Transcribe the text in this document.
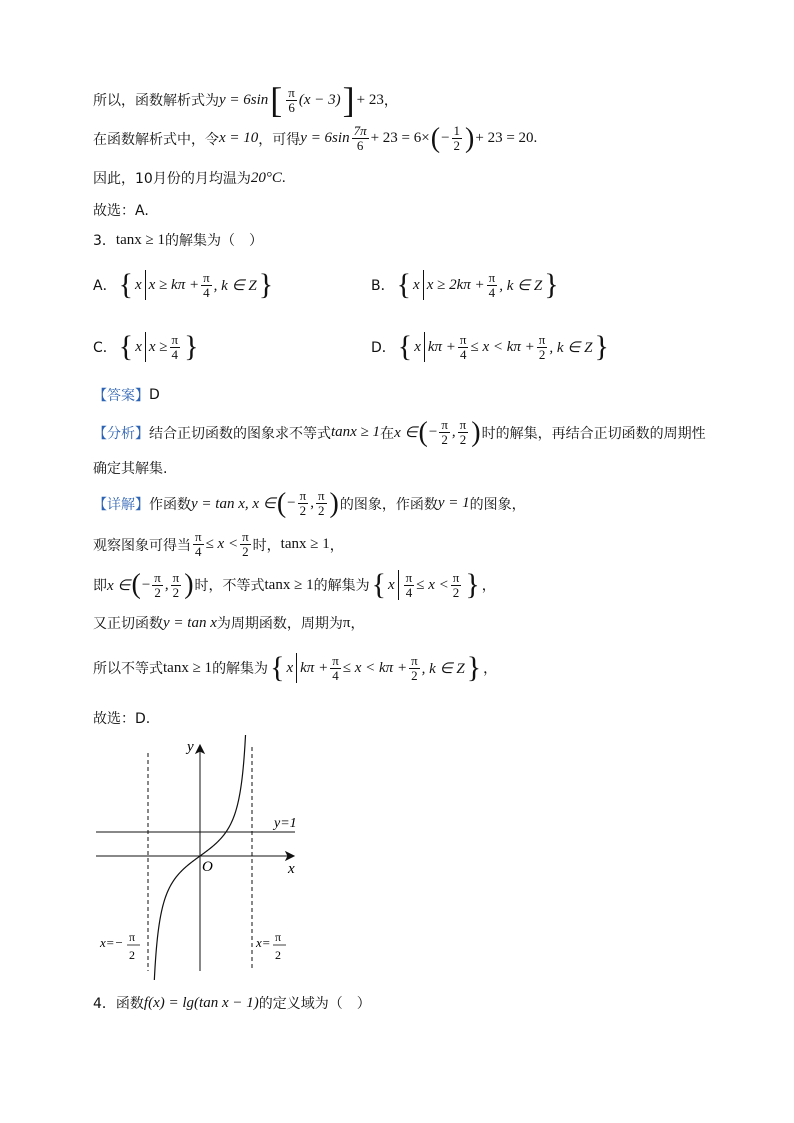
所以，函数解析式为 y = 6sin [ $\frac{\pi}{6} (x - 3)$ ] + 23 ，
在函数解析式中，令 x = 10 ，可得 $y = 6\sin \frac{7\pi}{6} + 23 = 6\times$ ( − $\frac{1}{2}$ ) + 23 = 20 .
因此，10月份的月均温为 20°C .
故选：A.
3． tanx ≥ 1 的解集为（　）
A． { x $x \ge k\pi + \frac{\pi}{4}$ , k ∈ Z }	B． { x $x \ge 2k\pi + \frac{\pi}{4}$ , k ∈ Z }
C． { x $x \ge \frac{\pi}{4}$ }	D． { x $k\pi + \frac{\pi}{4} \le x < k\pi + \frac{\pi}{2}$ , k ∈ Z }
【答案】 D
【分析】 结合正切函数的图象求不等式 tanx ≥ 1 在 x ∈ ( − $\frac{\pi}{2}$ , $\frac{\pi}{2}$ ) 时的解集，再结合正切函数的周期性
确定其解集.
【详解】 作函数 y = tan x, x ∈ ( − $\frac{\pi}{2}$ , $\frac{\pi}{2}$ ) 的图象，作函数 y = 1 的图象，
观察图象可得当 $\frac{\pi}{4} \le x < \frac{\pi}{2}$ 时， tanx ≥ 1 ，
即 x ∈ ( − $\frac{\pi}{2}$ , $\frac{\pi}{2}$ ) 时，不等式 tanx ≥ 1 的解集为 { x $\frac{\pi}{4} \le x < \frac{\pi}{2}$ } ，
又正切函数 y = tan x 为周期函数，周期为 π ，
所以不等式 tanx ≥ 1 的解集为 { x $k\pi + \frac{\pi}{4} \le x < k\pi + \frac{\pi}{2}$ , k ∈ Z } ，
故选：D.
y
x
O
y=1
x=− π
2
x= π
2
4． 函数 f(x) = lg(tan x − 1) 的定义域为（　）
